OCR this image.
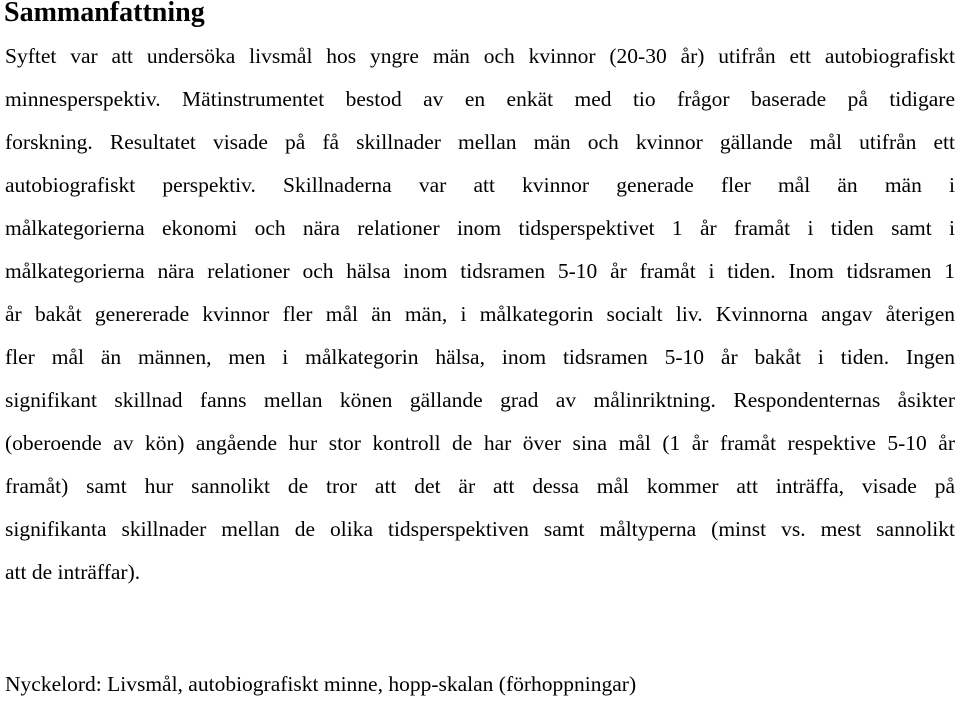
Sammanfattning
Syftet var att undersöka livsmål hos yngre män och kvinnor (20-30 år) utifrån ett autobiografiskt
minnesperspektiv. Mätinstrumentet bestod av en enkät med tio frågor baserade på tidigare
forskning. Resultatet visade på få skillnader mellan män och kvinnor gällande mål utifrån ett
autobiografiskt perspektiv. Skillnaderna var att kvinnor generade fler mål än män i
målkategorierna ekonomi och nära relationer inom tidsperspektivet 1 år framåt i tiden samt i
målkategorierna nära relationer och hälsa inom tidsramen 5-10 år framåt i tiden. Inom tidsramen 1
år bakåt genererade kvinnor fler mål än män, i målkategorin socialt liv. Kvinnorna angav återigen
fler mål än männen, men i målkategorin hälsa, inom tidsramen 5-10 år bakåt i tiden. Ingen
signifikant skillnad fanns mellan könen gällande grad av målinriktning. Respondenternas åsikter
(oberoende av kön) angående hur stor kontroll de har över sina mål (1 år framåt respektive 5-10 år
framåt) samt hur sannolikt de tror att det är att dessa mål kommer att inträffa, visade på
signifikanta skillnader mellan de olika tidsperspektiven samt måltyperna (minst vs. mest sannolikt
att de inträffar).
Nyckelord: Livsmål, autobiografiskt minne, hopp-skalan (förhoppningar)
